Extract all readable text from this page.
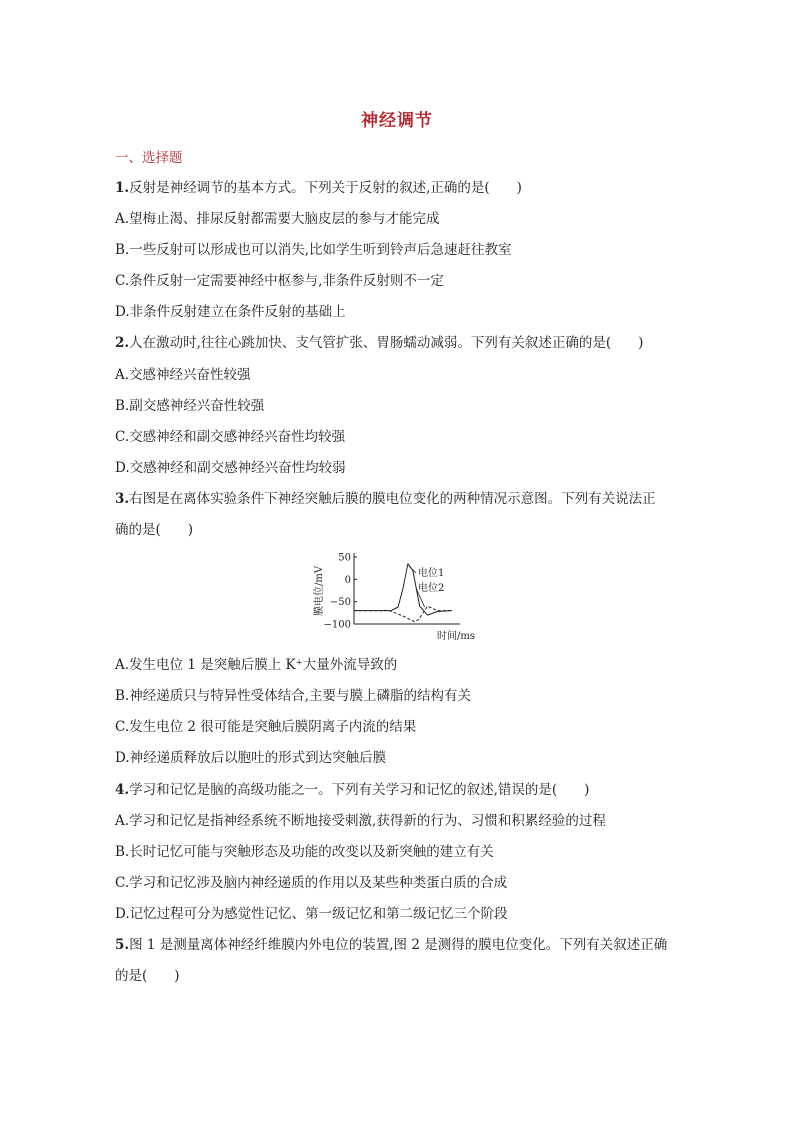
神经调节
一、选择题
1.反射是神经调节的基本方式。下列关于反射的叙述,正确的是(　　)
A.望梅止渴、排尿反射都需要大脑皮层的参与才能完成
B.一些反射可以形成也可以消失,比如学生听到铃声后急速赶往教室
C.条件反射一定需要神经中枢参与,非条件反射则不一定
D.非条件反射建立在条件反射的基础上
2.人在激动时,往往心跳加快、支气管扩张、胃肠蠕动减弱。下列有关叙述正确的是(　　)
A.交感神经兴奋性较强
B.副交感神经兴奋性较强
C.交感神经和副交感神经兴奋性均较强
D.交感神经和副交感神经兴奋性均较弱
3.右图是在离体实验条件下神经突触后膜的膜电位变化的两种情况示意图。下列有关说法正
确的是(　　)
A.发生电位 1 是突触后膜上 K⁺大量外流导致的
B.神经递质只与特异性受体结合,主要与膜上磷脂的结构有关
C.发生电位 2 很可能是突触后膜阴离子内流的结果
D.神经递质释放后以胞吐的形式到达突触后膜
4.学习和记忆是脑的高级功能之一。下列有关学习和记忆的叙述,错误的是(　　)
A.学习和记忆是指神经系统不断地接受刺激,获得新的行为、习惯和积累经验的过程
B.长时记忆可能与突触形态及功能的改变以及新突触的建立有关
C.学习和记忆涉及脑内神经递质的作用以及某些种类蛋白质的合成
D.记忆过程可分为感觉性记忆、第一级记忆和第二级记忆三个阶段
5.图 1 是测量离体神经纤维膜内外电位的装置,图 2 是测得的膜电位变化。下列有关叙述正确
的是(　　)
50
0
−50
−100
膜电位/mV
时间/ms
电位1
电位2
